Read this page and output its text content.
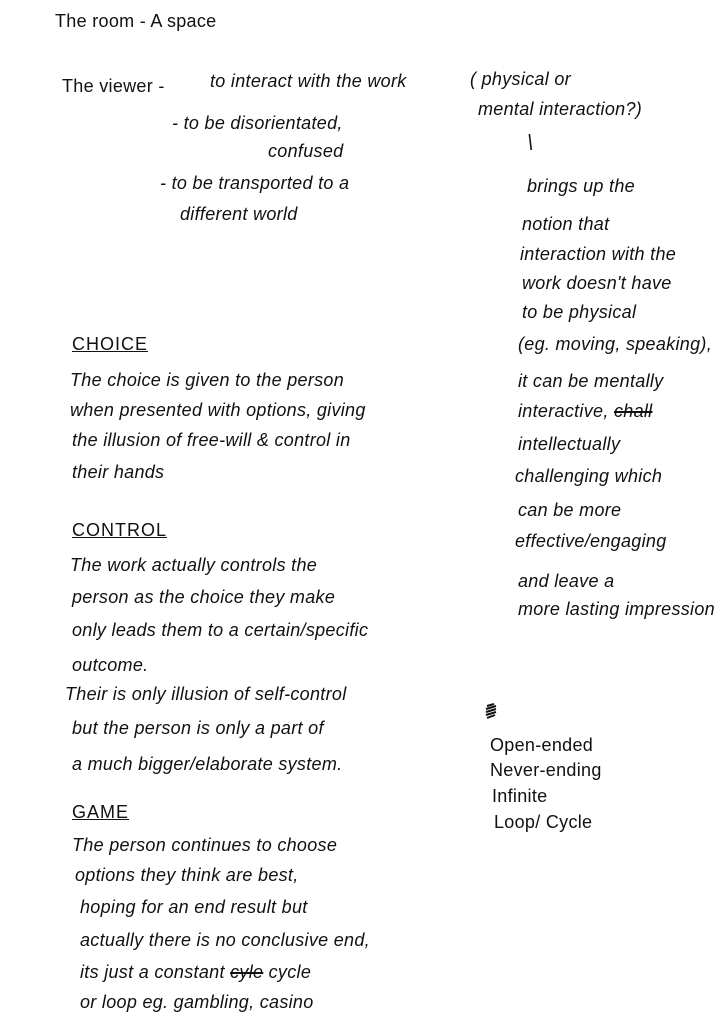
The room - A space
The viewer -	to interact with the work	( physical or
mental interaction?)
- to be disorientated,
confused
- to be transported to a
different world
\
brings up the
notion that
interaction with the
work doesn't have
to be physical
(eg. moving, speaking),
it can be mentally
interactive, chall
intellectually
challenging which
can be more
effective/engaging
and leave a
more lasting impression
CHOICE
The choice is given to the person
when presented with options, giving
the illusion of free-will & control in
their hands
CONTROL
The work actually controls the
person as the choice they make
only leads them to a certain/specific
outcome.
Their is only illusion of self-control
but the person is only a part of
a much bigger/elaborate system.
GAME
The person continues to choose
options they think are best,
hoping for an end result but
actually there is no conclusive end,
its just a constant cyle cycle
or loop eg. gambling, casino
Open-ended
Never-ending
Infinite
Loop/ Cycle
